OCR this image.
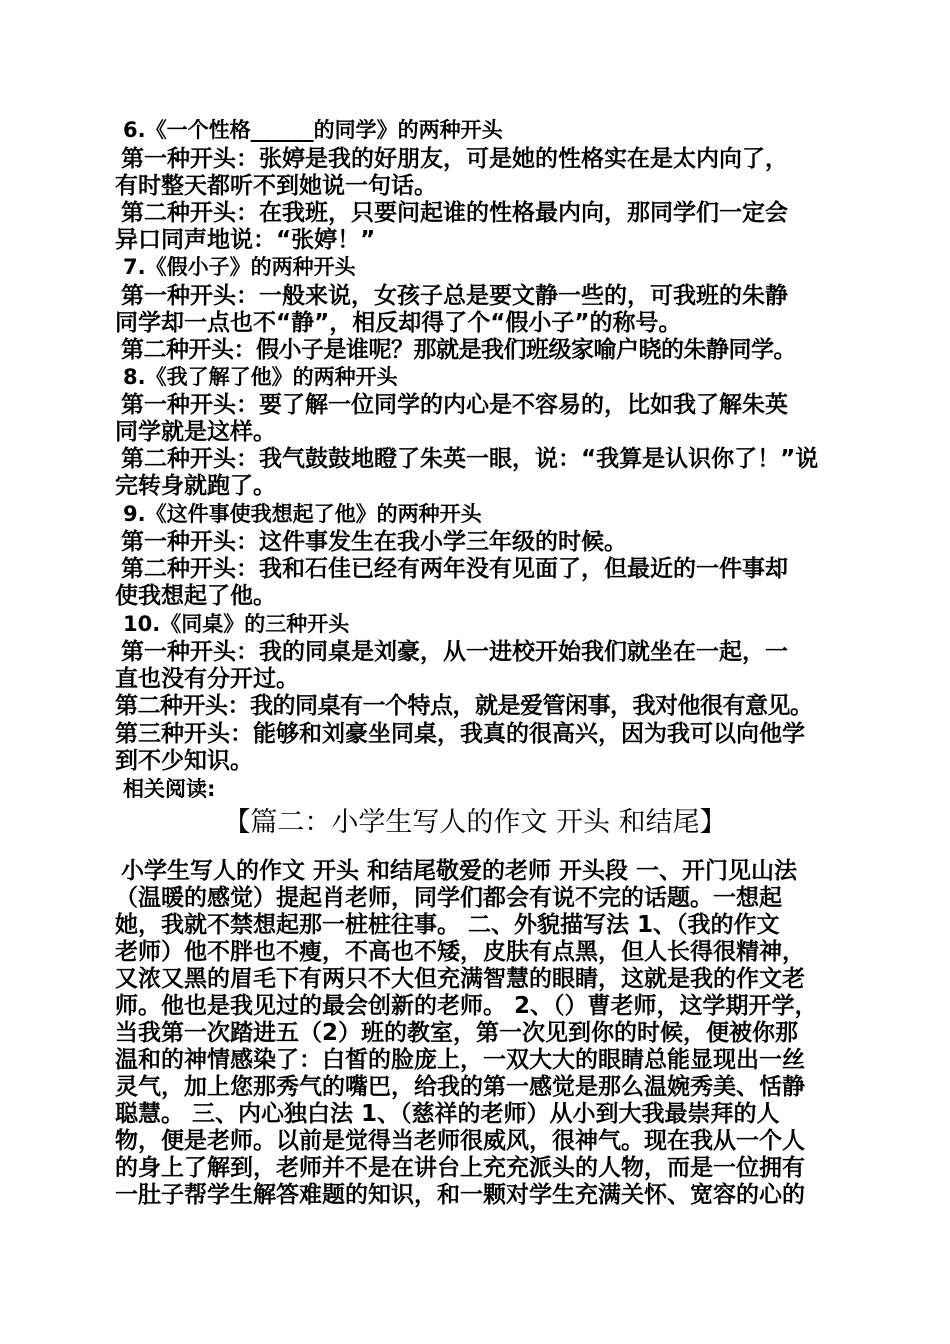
6.《一个性格______的同学》的两种开头

第一种开头：张婷是我的好朋友，可是她的性格实在是太内向了，

有时整天都听不到她说一句话。

第二种开头：在我班，只要问起谁的性格最内向，那同学们一定会

异口同声地说：“张婷！”

7.《假小子》的两种开头

第一种开头：一般来说，女孩子总是要文静一些的，可我班的朱静

同学却一点也不“静”，相反却得了个“假小子”的称号。

第二种开头：假小子是谁呢？那就是我们班级家喻户晓的朱静同学。

8.《我了解了他》的两种开头

第一种开头：要了解一位同学的内心是不容易的，比如我了解朱英

同学就是这样。

第二种开头：我气鼓鼓地瞪了朱英一眼，说：“我算是认识你了！”说

完转身就跑了。

9.《这件事使我想起了他》的两种开头

第一种开头：这件事发生在我小学三年级的时候。

第二种开头：我和石佳已经有两年没有见面了，但最近的一件事却

使我想起了他。

10.《同桌》的三种开头

第一种开头：我的同桌是刘豪，从一进校开始我们就坐在一起，一

直也没有分开过。

第二种开头：我的同桌有一个特点，就是爱管闲事，我对他很有意见。

第三种开头：能够和刘豪坐同桌，我真的很高兴，因为我可以向他学

到不少知识。

相关阅读:

【篇二：小学生写人的作文 开头 和结尾】

小学生写人的作文 开头 和结尾敬爱的老师 开头段 一、开门见山法

（温暖的感觉）提起肖老师，同学们都会有说不完的话题。一想起

她，我就不禁想起那一桩桩往事。 二、外貌描写法 1、（我的作文

老师）他不胖也不瘦，不高也不矮，皮肤有点黑，但人长得很精神，

又浓又黑的眉毛下有两只不大但充满智慧的眼睛，这就是我的作文老

师。他也是我见过的最会创新的老师。 2、（）曹老师，这学期开学，

当我第一次踏进五（2）班的教室，第一次见到你的时候，便被你那

温和的神情感染了：白皙的脸庞上，一双大大的眼睛总能显现出一丝

灵气，加上您那秀气的嘴巴，给我的第一感觉是那么温婉秀美、恬静

聪慧。 三、内心独白法 1、（慈祥的老师）从小到大我最崇拜的人

物，便是老师。以前是觉得当老师很威风，很神气。现在我从一个人

的身上了解到，老师并不是在讲台上充充派头的人物，而是一位拥有

一肚子帮学生解答难题的知识，和一颗对学生充满关怀、宽容的心的
